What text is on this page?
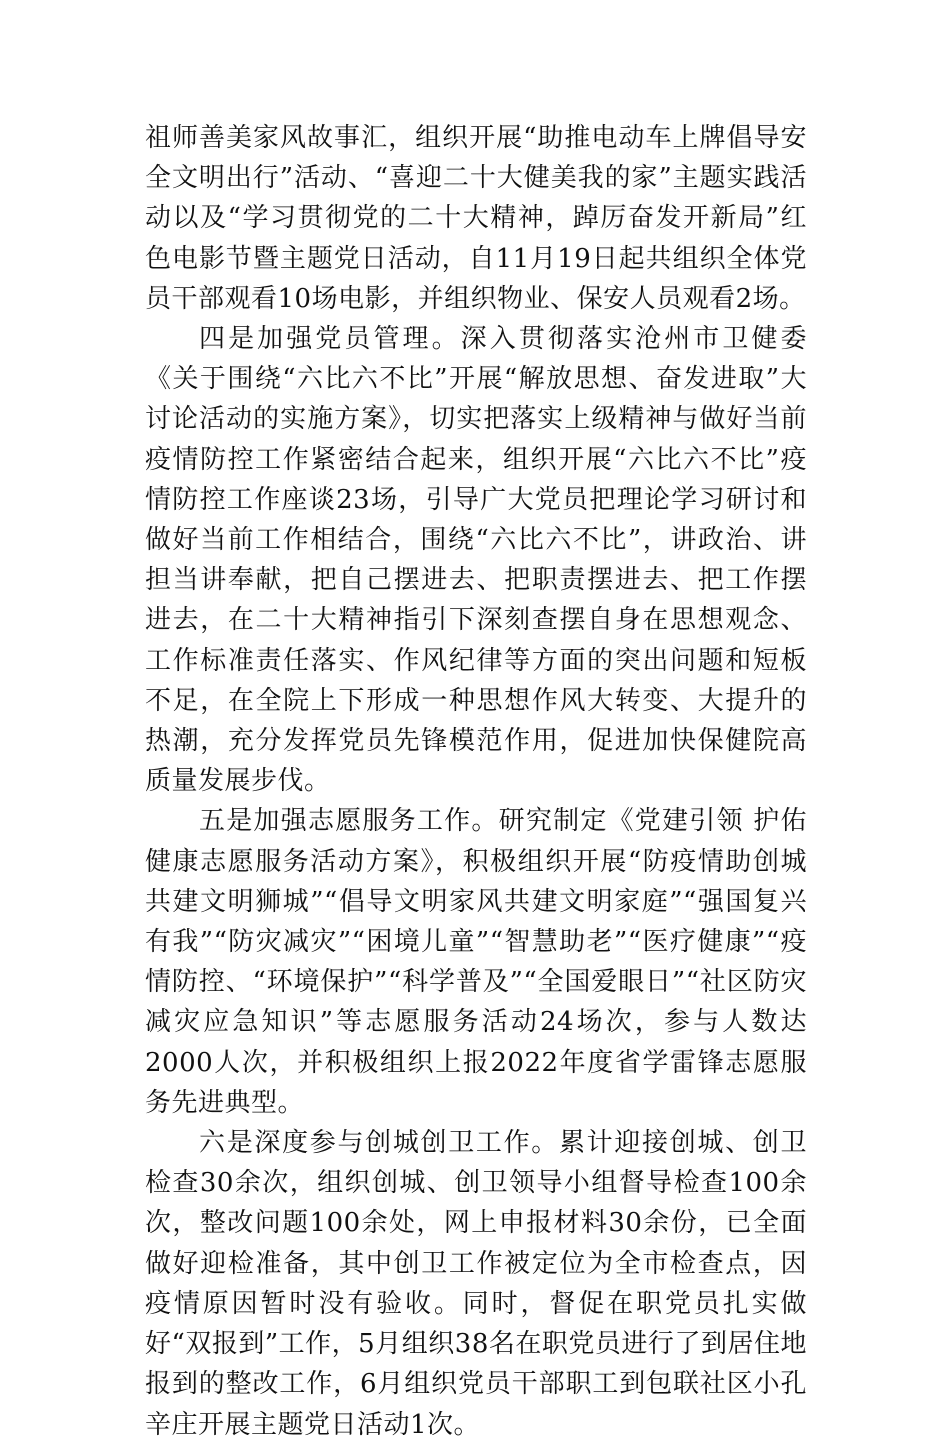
祖师善美家风故事汇，组织开展“助推电动车上牌倡导安全文明出行”活动、“喜迎二十大健美我的家”主题实践活动以及“学习贯彻党的二十大精神，踔厉奋发开新局”红色电影节暨主题党日活动，自11月19日起共组织全体党员干部观看10场电影，并组织物业、保安人员观看2场。

四是加强党员管理。深入贯彻落实沧州市卫健委《关于围绕“六比六不比”开展“解放思想、奋发进取”大讨论活动的实施方案》，切实把落实上级精神与做好当前疫情防控工作紧密结合起来，组织开展“六比六不比”疫情防控工作座谈23场，引导广大党员把理论学习研讨和做好当前工作相结合，围绕“六比六不比”，讲政治、讲担当讲奉献，把自己摆进去、把职责摆进去、把工作摆进去，在二十大精神指引下深刻查摆自身在思想观念、工作标准责任落实、作风纪律等方面的突出问题和短板不足，在全院上下形成一种思想作风大转变、大提升的热潮，充分发挥党员先锋模范作用，促进加快保健院高质量发展步伐。

五是加强志愿服务工作。研究制定《党建引领 护佑健康志愿服务活动方案》，积极组织开展“防疫情助创城共建文明狮城”“倡导文明家风共建文明家庭”“强国复兴有我”“防灾减灾”“困境儿童”“智慧助老”“医疗健康”“疫情防控、“环境保护”“科学普及”“全国爱眼日”“社区防灾减灾应急知识”等志愿服务活动24场次，参与人数达2000人次，并积极组织上报2022年度省学雷锋志愿服务先进典型。

六是深度参与创城创卫工作。累计迎接创城、创卫检查30余次，组织创城、创卫领导小组督导检查100余次，整改问题100余处，网上申报材料30余份，已全面做好迎检准备，其中创卫工作被定位为全市检查点，因疫情原因暂时没有验收。同时，督促在职党员扎实做好“双报到”工作，5月组织38名在职党员进行了到居住地报到的整改工作，6月组织党员干部职工到包联社区小孔辛庄开展主题党日活动1次。
